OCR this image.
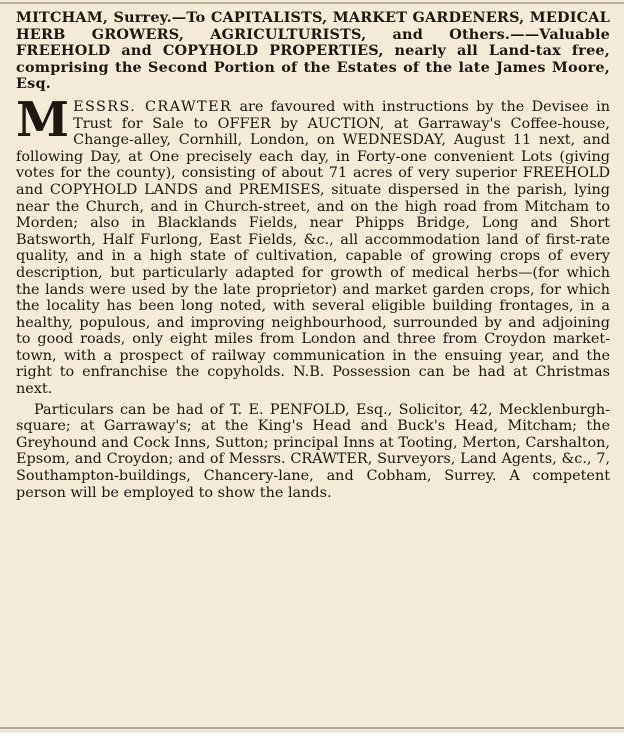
MITCHAM, Surrey.—To CAPITALISTS, MARKET GARDENERS, MEDICAL HERB GROWERS, AGRICULTURISTS, and Others.——Valuable FREEHOLD and COPYHOLD PROPERTIES, nearly all Land-tax free, comprising the Second Portion of the Estates of the late James Moore, Esq.

MESSRS. CRAWTER are favoured with instructions by the Devisee in Trust for Sale to OFFER by AUCTION, at Garraway's Coffee-house, Change-alley, Cornhill, London, on WEDNESDAY, August 11 next, and following Day, at One precisely each day, in Forty-one convenient Lots (giving votes for the county), consisting of about 71 acres of very superior FREEHOLD and COPYHOLD LANDS and PREMISES, situate dispersed in the parish, lying near the Church, and in Church-street, and on the high road from Mitcham to Morden; also in Blacklands Fields, near Phipps Bridge, Long and Short Batsworth, Half Furlong, East Fields, &c., all accommodation land of first-rate quality, and in a high state of cultivation, capable of growing crops of every description, but particularly adapted for growth of medical herbs—(for which the lands were used by the late proprietor) and market garden crops, for which the locality has been long noted, with several eligible building frontages, in a healthy, populous, and improving neighbourhood, surrounded by and adjoining to good roads, only eight miles from London and three from Croydon market-town, with a prospect of railway communication in the ensuing year, and the right to enfranchise the copyholds. N.B. Possession can be had at Christmas next.

Particulars can be had of T. E. PENFOLD, Esq., Solicitor, 42, Mecklenburgh-square; at Garraway's; at the King's Head and Buck's Head, Mitcham; the Greyhound and Cock Inns, Sutton; principal Inns at Tooting, Merton, Carshalton, Epsom, and Croydon; and of Messrs. CRAWTER, Surveyors, Land Agents, &c., 7, Southampton-buildings, Chancery-lane, and Cobham, Surrey. A competent person will be employed to show the lands.
